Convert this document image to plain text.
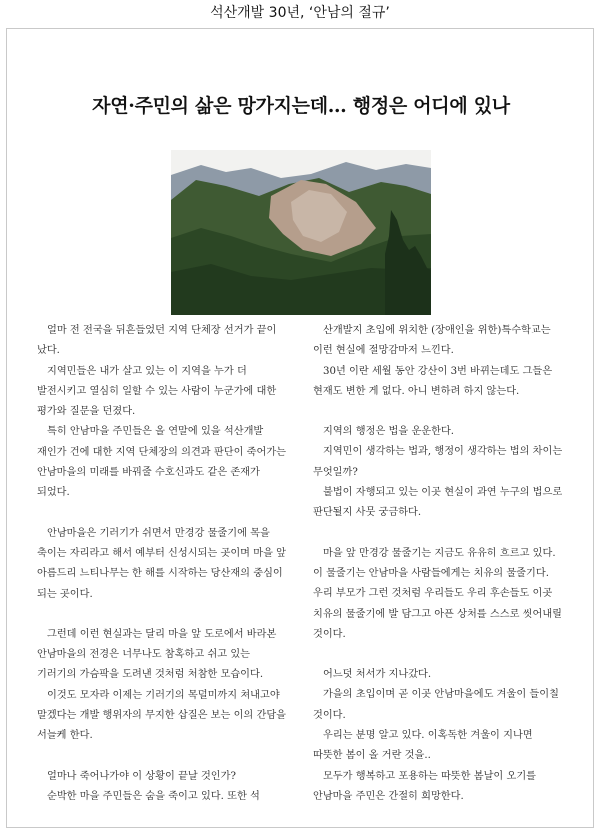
석산개발 30년, ‘안남의 절규’
자연·주민의 삶은 망가지는데… 행정은 어디에 있나

얼마 전 전국을 뒤흔들었던 지역 단체장 선거가 끝이 났다.

지역민들은 내가 살고 있는 이 지역을 누가 더 발전시키고 열심히 일할 수 있는 사람이 누군가에 대한 평가와 질문을 던졌다.

특히 안남마을 주민들은 올 연말에 있을 석산개발 재인가 건에 대한 지역 단체장의 의견과 판단이 죽어가는 안남마을의 미래를 바꿔줄 수호신과도 같은 존재가 되었다.

안남마을은 기러기가 쉬면서 만경강 물줄기에 목을 축이는 자리라고 해서 예부터 신성시되는 곳이며 마을 앞 아름드리 느티나무는 한 해를 시작하는 당산재의 중심이 되는 곳이다.

그런데 이런 현실과는 달리 마을 앞 도로에서 바라본 안남마을의 전경은 너무나도 참혹하고 쉬고 있는 기러기의 가슴팍을 도려낸 것처럼 처참한 모습이다.

이것도 모자라 이제는 기러기의 목덜미까지 쳐내고야 말겠다는 개발 행위자의 무지한 삽질은 보는 이의 간담을 서늘케 한다.

얼마나 죽어나가야 이 상황이 끝날 것인가?

순박한 마을 주민들은 숨을 죽이고 있다. 또한 석

산개발지 초입에 위치한 (장애인을 위한)특수학교는 이런 현실에 절망감마저 느낀다.

30년 이란 세월 동안 강산이 3번 바뀌는데도 그들은 현재도 변한 게 없다. 아니 변하려 하지 않는다.

지역의 행정은 법을 운운한다.

지역민이 생각하는 법과, 행정이 생각하는 법의 차이는 무엇일까?

불법이 자행되고 있는 이곳 현실이 과연 누구의 법으로 판단될지 사뭇 궁금하다.

마을 앞 만경강 물줄기는 지금도 유유히 흐르고 있다. 이 물줄기는 안남마을 사람들에게는 치유의 물줄기다. 우리 부모가 그런 것처럼 우리들도 우리 후손들도 이곳 치유의 물줄기에 발 담그고 아픈 상처를 스스로 씻어내릴 것이다.

어느덧 처서가 지나갔다.

가을의 초입이며 곧 이곳 안남마을에도 겨울이 들이칠 것이다.

우리는 분명 알고 있다. 이혹독한 겨울이 지나면 따뜻한 봄이 올 거란 것을..

모두가 행복하고 포용하는 따뜻한 봄날이 오기를 안남마을 주민은 간절히 희망한다.
